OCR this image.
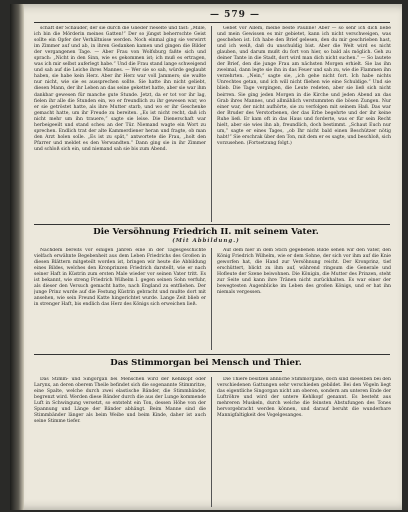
— 579 —

schaft der Schauder, der sie durch die Glieder rieselte und fast: „Mille, ich bin die Mörderin meines Gatten!“ Der so jüngst beherrschte Geist sollte ein Opfer der Verhältnisse werden. Noch einmal ging sie verwirrt im Zimmer auf und ab, in ihren Gedanken kamen und gingen die Bilder der vergangenen Tage. — Aber Frau von Wolfsburg faßte sich und sprach: „Nicht in den Sinn, wie es gekommen ist; ich muß es ertragen, was ich mir selbst auferlegt habe.“ Und die Frau stand lange schweigend und sah auf die Leiche ihres Mannes. — Wer sie so sah, würde geglaubt haben, sie habe kein Herz. Aber ihr Herz war voll Jammers; sie wußte nur nicht, wie sie es aussprechen sollte. Sie hatte ihn nicht geliebt, diesen Mann, der ihr Leben an das seine gekettet hatte, aber sie war ihm dankbar gewesen für manche gute Stunde. Jetzt, da er tot vor ihr lag, fielen ihr alle die Stunden ein, wo er freundlich zu ihr gewesen war, wo er sie getröstet hatte, als ihre Mutter starb, und wo er ihr Geschenke gemacht hatte, um ihr Freude zu bereiten. „Es ist nicht recht, daß ich nicht mehr um ihn trauere,“ sagte sie leise. Die Dienerschaft war herbeigeeilt und stand scheu an der Tür. Niemand wagte ein Wort zu sprechen. Endlich trat der alte Kammerdiener heran und fragte, ob man den Arzt holen solle. „Es ist zu spät,“ antwortete die Frau, „holt den Pfarrer und meldet es den Verwandten.“ Dann ging sie in ihr Zimmer und schloß sich ein, und niemand sah sie bis zum Abend.

Gebet vor Allem, meine beste Pauline! Aber — so sehr ich dich liebe und mein Gewissen es mir gebietet, kann ich nicht verschweigen, was geschehen ist. Ich habe den Brief gelesen, den du mir geschrieben hast, und ich weiß, daß du unschuldig bist. Aber die Welt wird es nicht glauben, und darum mußt du fort von hier, so bald als möglich. Geh zu deiner Tante in die Stadt, dort wird man dich nicht suchen.“ — So lautete der Brief, den die junge Frau am nächsten Morgen erhielt. Sie las ihn zweimal, dann legte sie ihn in das Feuer und sah zu, wie die Flammen ihn verzehrten. „Nein,“ sagte sie, „ich gehe nicht fort. Ich habe nichts Unrechtes getan, und ich will nicht fliehen wie eine Schuldige.“ Und sie blieb. Die Tage vergingen, die Leute redeten, aber sie ließ sich nicht beirren. Sie ging jeden Morgen in die Kirche und jeden Abend an das Grab ihres Mannes, und allmählich verstummten die bösen Zungen. Nur einer war, der nicht aufhörte, sie zu verfolgen mit seinem Haß. Das war der Bruder des Verstorbenen, der das Erbe begehrte und der ihr keine Ruhe ließ. Er kam oft in das Haus und forderte, was er für sein Recht hielt, aber sie wies ihn ab, freundlich, doch bestimmt. „Schaut Euch nur um,“ sagte er eines Tages, „ob Ihr nicht bald einen Beschützer nötig habt!“ Sie erschrak über den Ton, mit dem er es sagte, und beschloß, sich vorzusehen. (Fortsetzung folgt.)

Die Versöhnung Friedrich II. mit seinem Vater.
(Mit Abbildung.)

Nachdem bereits vor einigen Jahren eine in der Tagesgeschichte vielfach erwähnte Begebenheit aus dem Leben Friedrichs des Großen in diesen Blättern mitgeteilt worden ist, bringen wir heute die Abbildung eines Bildes, welches den Kronprinzen Friedrich darstellt, wie er nach seiner Haft in Küstrin zum ersten Male wieder vor seinen Vater tritt. Es ist bekannt, wie streng Friedrich Wilhelm I. gegen seinen Sohn verfuhr, als dieser den Versuch gemacht hatte, nach England zu entfliehen. Der junge Prinz wurde auf die Festung Küstrin gebracht und mußte dort mit ansehen, wie sein Freund Katte hingerichtet wurde. Lange Zeit blieb er in strenger Haft, bis endlich das Herz des Königs sich erweichen ließ.

Auf dem hier in dem Stich gegebenen Bilde sehen wir den Vater, den König Friedrich Wilhelm, wie er dem Sohne, der sich vor ihm auf die Knie geworfen hat, die Hand zur Versöhnung reicht. Der Kronprinz, tief erschüttert, blickt zu ihm auf, während ringsum die Generale und Hofleute der Szene beiwohnen. Die Königin, die Mutter des Prinzen, steht zur Seite und kann ihre Tränen nicht zurückhalten. Es war einer der bewegtesten Augenblicke im Leben des großen Königs, und er hat ihn niemals vergessen.

Das Stimmorgan bei Mensch und Thier.

Das Stimm- und Singorgan bei Menschen wird der Kehlkopf oder Larynx, an deren oberem Theile befindet sich die sogenannte Stimmritze, eine Spalte, welche durch zwei elastische Bänder, die Stimmbänder, begrenzt wird. Werden diese Bänder durch die aus der Lunge kommende Luft in Schwingung versetzt, so entsteht ein Ton, dessen Höhe von der Spannung und Länge der Bänder abhängt. Beim Manne sind die Stimmbänder länger als beim Weibe und beim Kinde, daher ist auch seine Stimme tiefer.

Die Thiere besitzen ähnliche Stimmorgane, doch sind dieselben bei den verschiedenen Gattungen sehr verschieden gebildet. Bei den Vögeln liegt das eigentliche Singorgan nicht am oberen, sondern am unteren Ende der Luftröhre und wird der untere Kehlkopf genannt. Es besteht aus mehreren Muskeln, durch welche die feinsten Abstufungen des Tones hervorgebracht werden können, und darauf beruht die wunderbare Mannigfaltigkeit des Vogelgesanges.
